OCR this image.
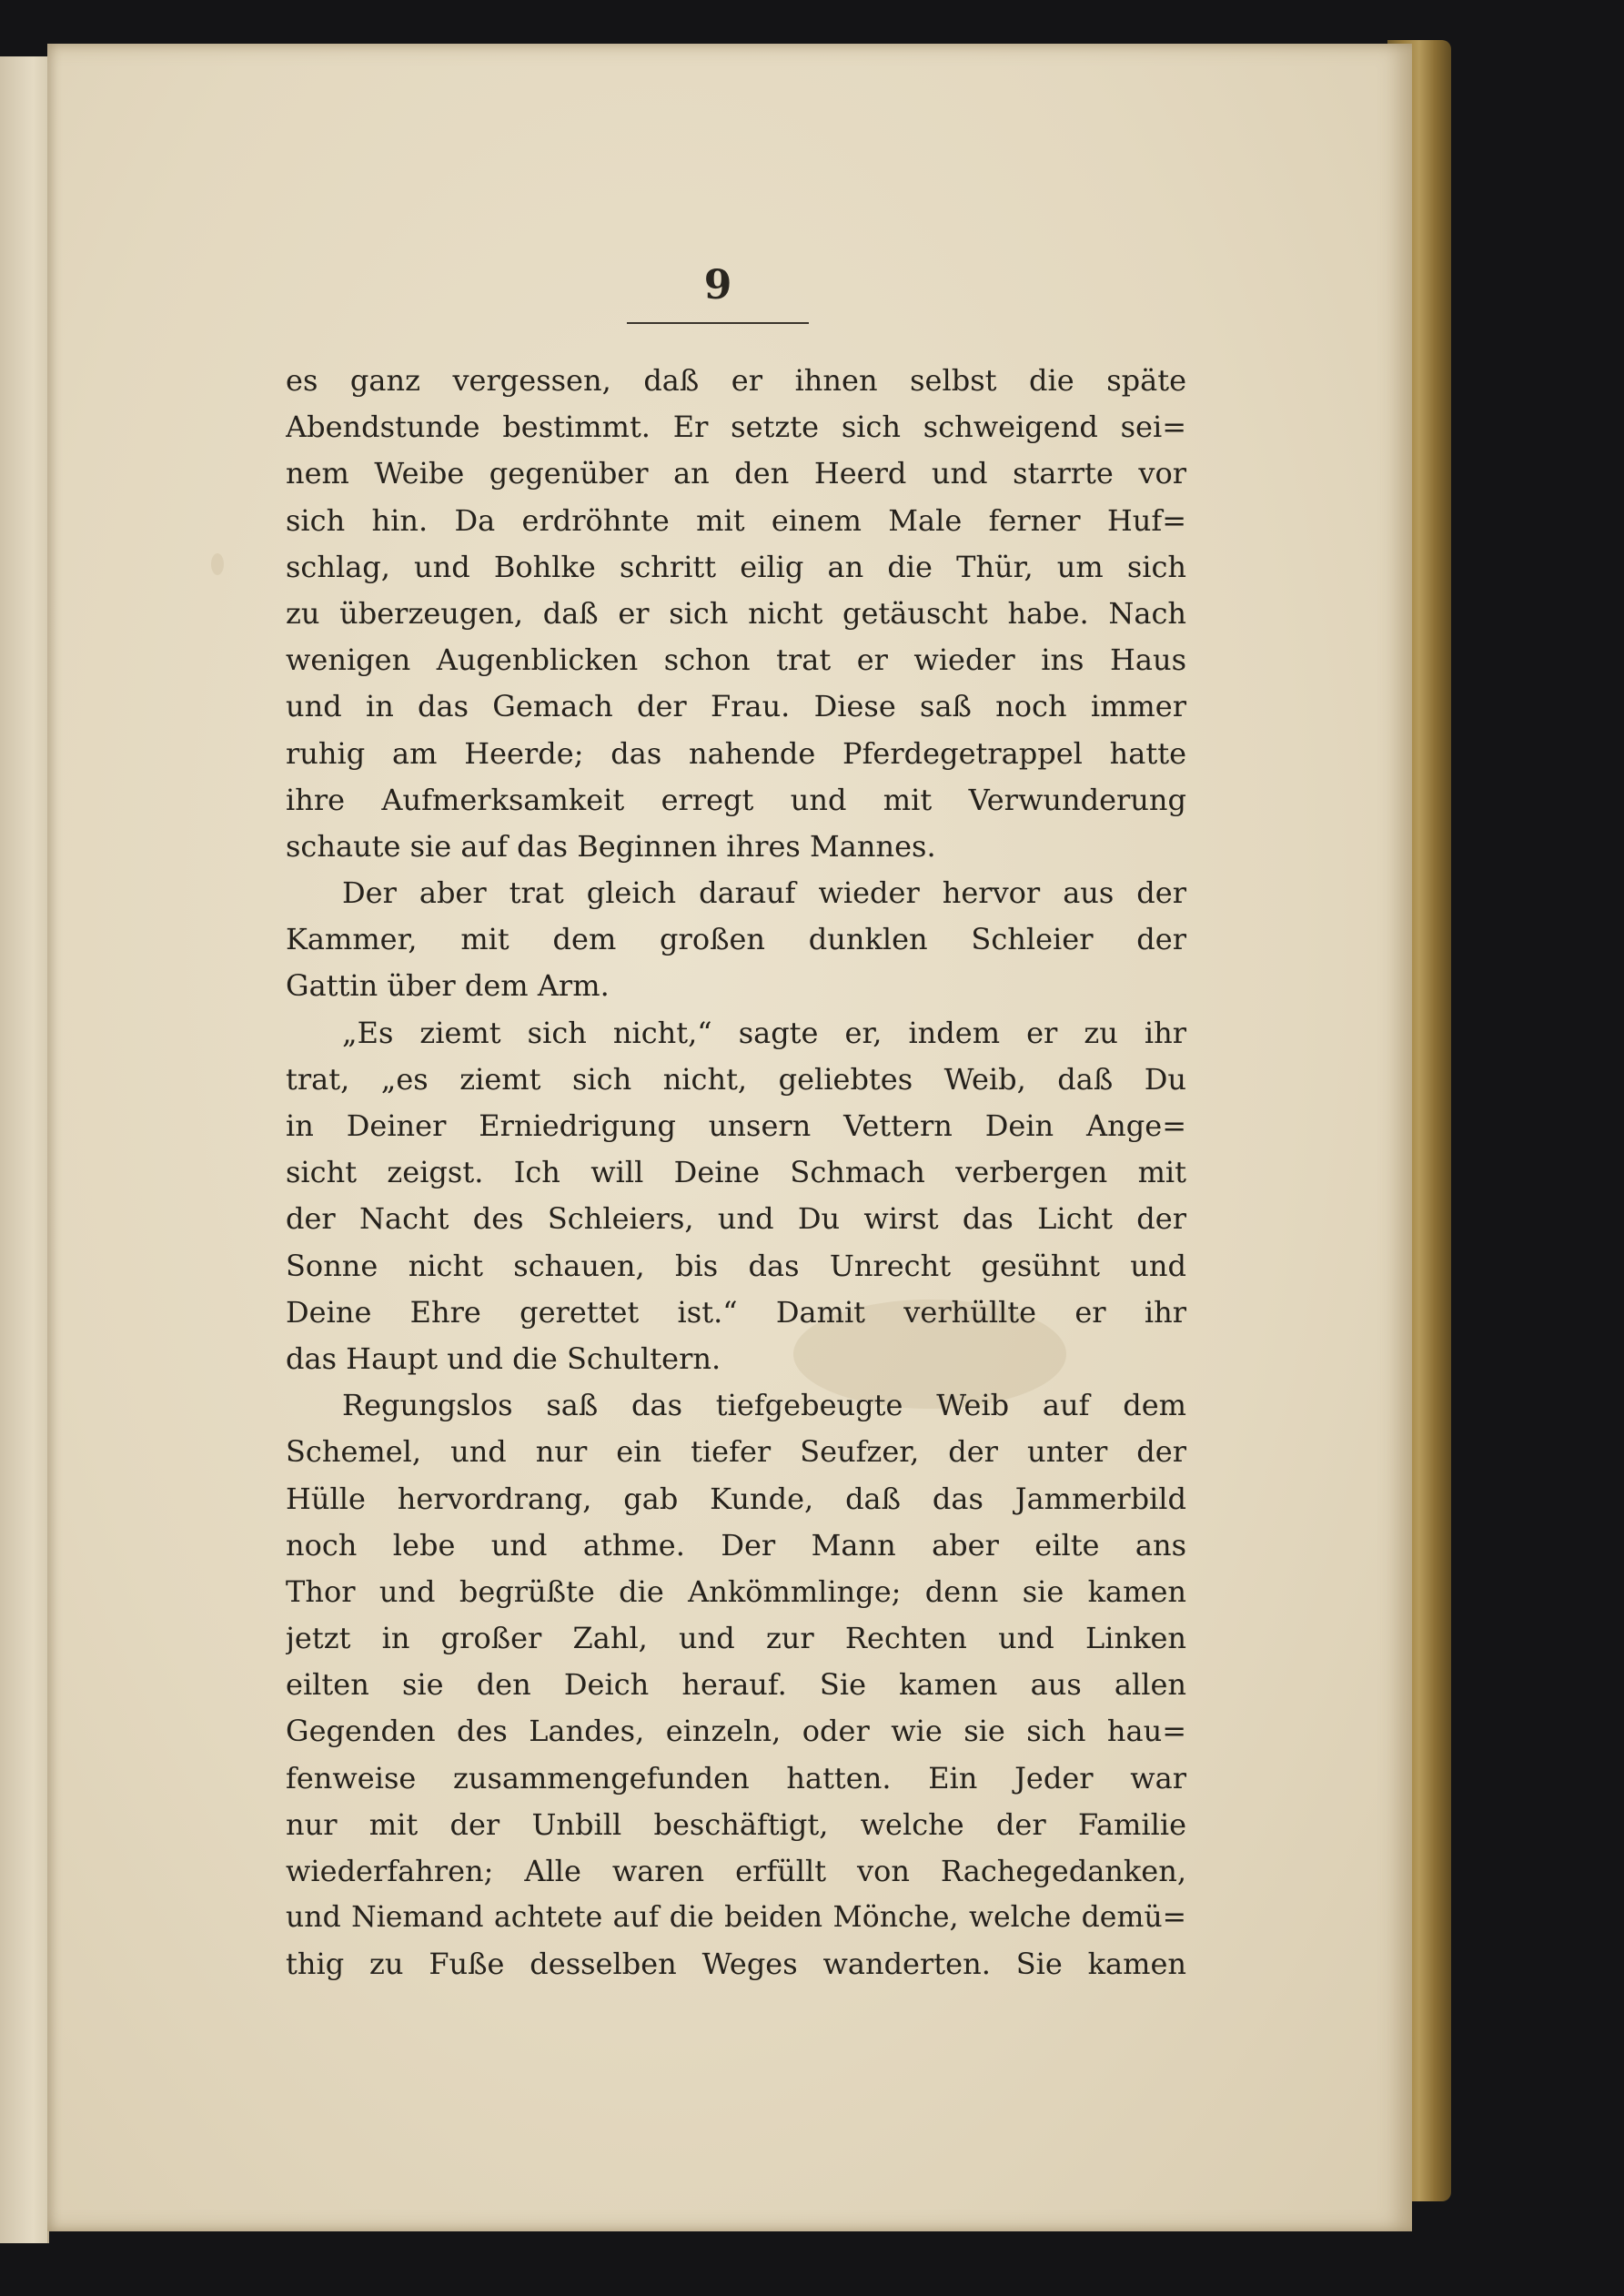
9
es ganz vergessen, daß er ihnen selbst die späte
Abendstunde bestimmt. Er setzte sich schweigend sei=
nem Weibe gegenüber an den Heerd und starrte vor
sich hin. Da erdröhnte mit einem Male ferner Huf=
schlag, und Bohlke schritt eilig an die Thür, um sich
zu überzeugen, daß er sich nicht getäuscht habe. Nach
wenigen Augenblicken schon trat er wieder ins Haus
und in das Gemach der Frau. Diese saß noch immer
ruhig am Heerde; das nahende Pferdegetrappel hatte
ihre Aufmerksamkeit erregt und mit Verwunderung
schaute sie auf das Beginnen ihres Mannes.
Der aber trat gleich darauf wieder hervor aus der
Kammer, mit dem großen dunklen Schleier der
Gattin über dem Arm.
„Es ziemt sich nicht,“ sagte er, indem er zu ihr
trat, „es ziemt sich nicht, geliebtes Weib, daß Du
in Deiner Erniedrigung unsern Vettern Dein Ange=
sicht zeigst. Ich will Deine Schmach verbergen mit
der Nacht des Schleiers, und Du wirst das Licht der
Sonne nicht schauen, bis das Unrecht gesühnt und
Deine Ehre gerettet ist.“ Damit verhüllte er ihr
das Haupt und die Schultern.
Regungslos saß das tiefgebeugte Weib auf dem
Schemel, und nur ein tiefer Seufzer, der unter der
Hülle hervordrang, gab Kunde, daß das Jammerbild
noch lebe und athme. Der Mann aber eilte ans
Thor und begrüßte die Ankömmlinge; denn sie kamen
jetzt in großer Zahl, und zur Rechten und Linken
eilten sie den Deich herauf. Sie kamen aus allen
Gegenden des Landes, einzeln, oder wie sie sich hau=
fenweise zusammengefunden hatten. Ein Jeder war
nur mit der Unbill beschäftigt, welche der Familie
wiederfahren; Alle waren erfüllt von Rachegedanken,
und Niemand achtete auf die beiden Mönche, welche demü=
thig zu Fuße desselben Weges wanderten. Sie kamen
